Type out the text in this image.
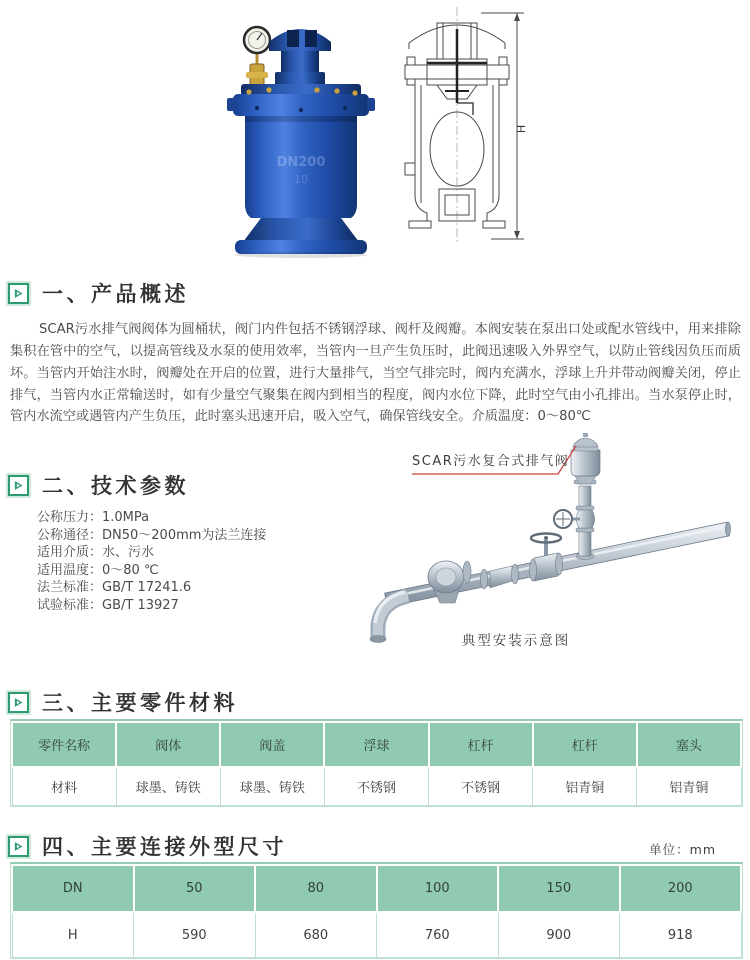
DN200
10
H
一、产品概述

SCAR污水排气阀阀体为圆桶状，阀门内件包括不锈钢浮球、阀杆及阀瓣。本阀安装在泵出口处或配水管线中，用来排除集积在管中的空气，以提高管线及水泵的使用效率，当管内一旦产生负压时，此阀迅速吸入外界空气，以防止管线因负压而质坏。当管内开始注水时，阀瓣处在开启的位置，进行大量排气，当空气排完时，阀内充满水，浮球上升并带动阀瓣关闭，停止排气，当管内水正常输送时，如有少量空气聚集在阀内到相当的程度，阀内水位下降，此时空气由小孔排出。当水泵停止时，管内水流空或遇管内产生负压，此时塞头迅速开启，吸入空气，确保管线安全。介质温度：0～80℃

二、技术参数
公称压力：1.0MPa
公称通径：DN50～200mm为法兰连接
适用介质：水、污水
适用温度：0～80 ℃
法兰标准：GB/T 17241.6
试验标准：GB/T 13927
SCAR污水复合式排气阀
典型安装示意图
三、主要零件材料
零件名称	阀体	阀盖	浮球	杠杆	杠杆	塞头
材料	球墨、铸铁	球墨、铸铁	不锈钢	不锈钢	铝青铜	铝青铜
四、主要连接外型尺寸	单位：mm
DN	50	80	100	150	200
H	590	680	760	900	918
